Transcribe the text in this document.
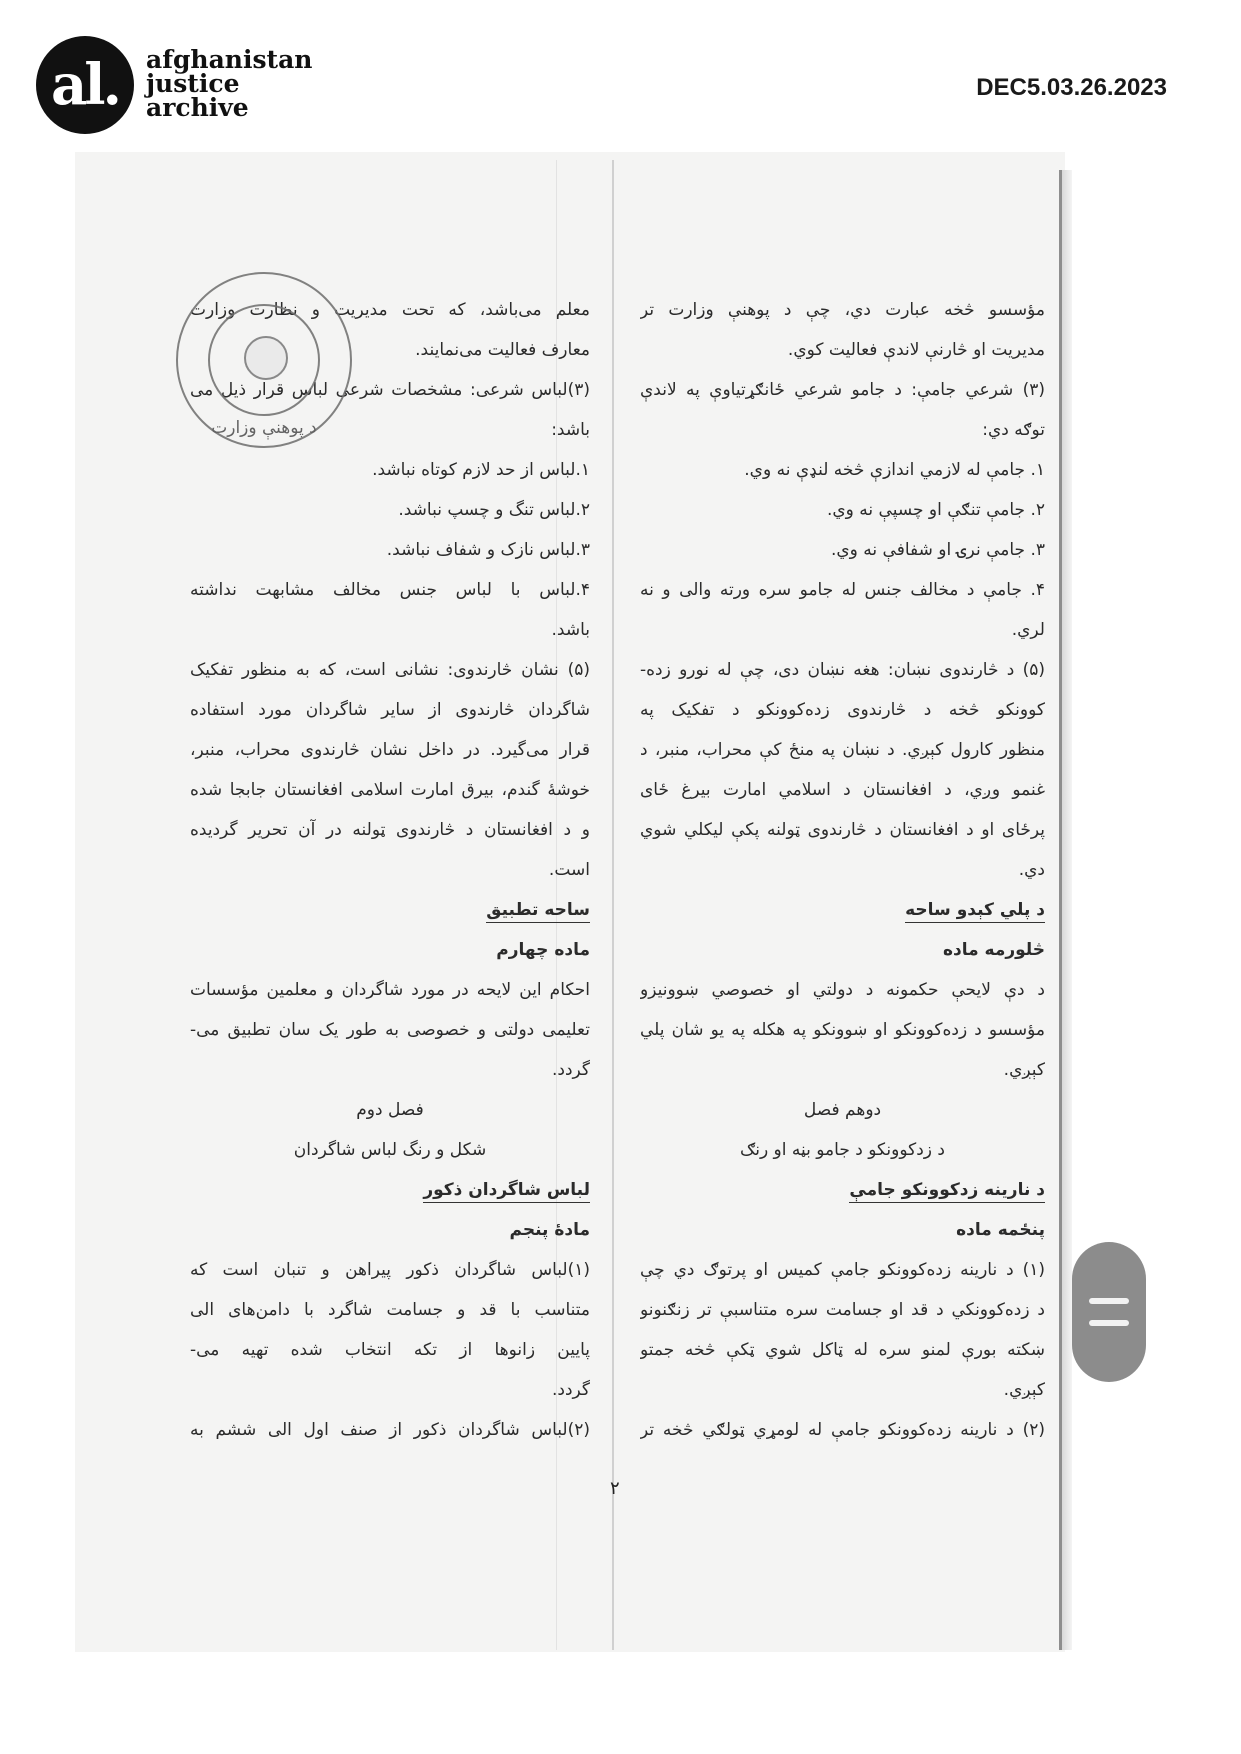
al. afghanistan
justice
archive
DEC5.03.26.2023
مؤسسو څخه عبارت دي، چې د پوهنې وزارت تر
مديريت او څارنې لاندې فعاليت کوي.
(۳) شرعي جامې: د جامو شرعي ځانګړتياوې په لاندې
توګه دي:
۱. جامې له لازمي اندازې څخه لنډې نه وي.
۲. جامې تنګې او چسپې نه وي.
۳. جامې نرۍ او شفافې نه وي.
۴. جامې د مخالف جنس له جامو سره ورته والی و نه
لري.
(۵) د څارندوی نښان: هغه نښان دی، چې له نورو زده-
کوونکو څخه د څارندوی زده‌کوونکو د تفکيک په
منظور کارول کېږي. د نښان په منځ کې محراب، منبر، د
غنمو وږي، د افغانستان د اسلامي امارت بيرغ ځای
پرځای او د افغانستان د څارندوی ټولنه پکې ليکلي شوي
دي.
د پلي کېدو ساحه
څلورمه ماده
د دې لايحې حکمونه د دولتي او خصوصي ښوونيزو
مؤسسو د زده‌کوونکو او ښوونکو په هکله په يو شان پلي
کېږي.
دوهم فصل
د زدکوونکو د جامو بڼه او رنګ
د نارينه زدکوونکو جامې
پنځمه ماده
(۱) د نارينه زده‌کوونکو جامې کميس او پرتوګ دي چې
د زده‌کوونکي د قد او جسامت سره متناسبې تر زنګنونو
ښکته بورې لمنو سره له ټاکل شوي ټکې څخه جمتو
کېږي.
(۲) د نارينه زده‌کوونکو جامې له لومړي ټولګي څخه تر
معلم می‌باشد، که تحت مديريت و نظارت وزارت
معارف فعاليت می‌نمايند.
(۳)لباس شرعی: مشخصات شرعی لباس قرار ذيل می
باشد:
۱.لباس از حد لازم کوتاه نباشد.
۲.لباس تنگ و چسپ نباشد.
۳.لباس نازک و شفاف نباشد.
۴.لباس با لباس جنس مخالف مشابهت نداشته
باشد.
(۵) نشان څارندوی: نشانی است، که به منظور تفکيک
شاگردان څارندوی از ساير شاگردان مورد استفاده
قرار می‌گيرد. در داخل نشان څارندوی محراب، منبر،
خوشهٔ گندم، بيرق امارت اسلامی افغانستان جابجا شده
و د افغانستان د څارندوی ټولنه در آن تحرير گرديده
است.
ساحه تطبيق
ماده چهارم
احکام اين لايحه در مورد شاگردان و معلمين مؤسسات
تعليمی دولتی و خصوصی به طور يک سان تطبيق می-
گردد.
فصل دوم
شکل و رنگ لباس شاگردان
لباس شاگردان ذکور
مادهٔ پنجم
(۱)لباس شاگردان ذکور پيراهن و تنبان است که
متناسب با قد و جسامت شاگرد با دامن‌های الی
پايين زانوها از تکه انتخاب شده تهيه می-
گردد.
(۲)لباس شاگردان ذکور از صنف اول الی ششم به
د پوهنې وزارت
۲
